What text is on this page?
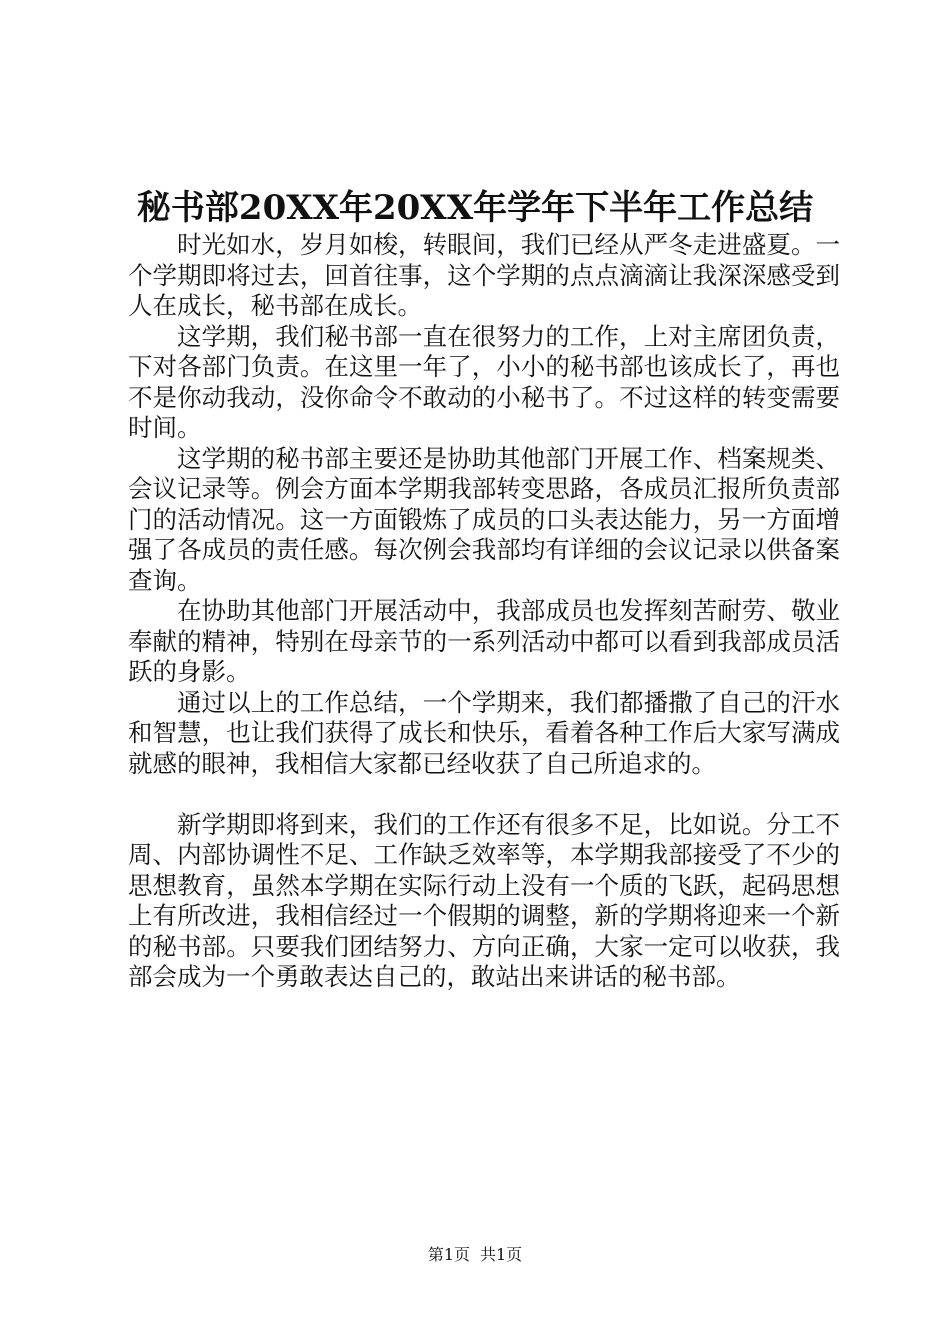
秘书部20XX年20XX年学年下半年工作总结

时光如水，岁月如梭，转眼间，我们已经从严冬走进盛夏。一个学期即将过去，回首往事，这个学期的点点滴滴让我深深感受到人在成长，秘书部在成长。

这学期，我们秘书部一直在很努力的工作，上对主席团负责，下对各部门负责。在这里一年了，小小的秘书部也该成长了，再也不是你动我动，没你命令不敢动的小秘书了。不过这样的转变需要时间。

这学期的秘书部主要还是协助其他部门开展工作、档案规类、会议记录等。例会方面本学期我部转变思路，各成员汇报所负责部门的活动情况。这一方面锻炼了成员的口头表达能力，另一方面增强了各成员的责任感。每次例会我部均有详细的会议记录以供备案查询。

在协助其他部门开展活动中，我部成员也发挥刻苦耐劳、敬业奉献的精神，特别在母亲节的一系列活动中都可以看到我部成员活跃的身影。

通过以上的工作总结，一个学期来，我们都播撒了自己的汗水和智慧，也让我们获得了成长和快乐，看着各种工作后大家写满成就感的眼神，我相信大家都已经收获了自己所追求的。

新学期即将到来，我们的工作还有很多不足，比如说。分工不周、内部协调性不足、工作缺乏效率等，本学期我部接受了不少的思想教育，虽然本学期在实际行动上没有一个质的飞跃，起码思想上有所改进，我相信经过一个假期的调整，新的学期将迎来一个新的秘书部。只要我们团结努力、方向正确，大家一定可以收获，我部会成为一个勇敢表达自己的，敢站出来讲话的秘书部。

第1页 共1页
